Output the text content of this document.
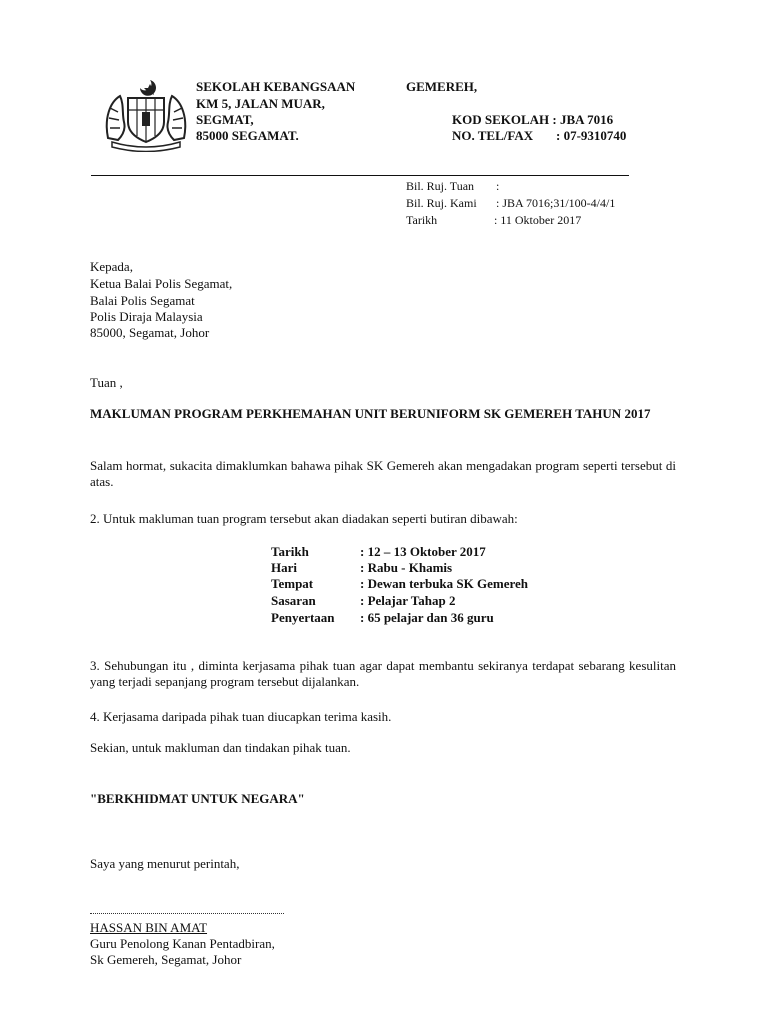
SEKOLAH KEBANGSAAN	GEMEREH,
KM 5, JALAN MUAR,
SEGMAT,
85000 SEGAMAT.
KOD SEKOLAH : JBA 7016
NO. TEL/FAX : 07-9310740
Bil. Ruj. Tuan :
Bil. Ruj. Kami : JBA 7016;31/100-4/4/1
Tarikh	: 11 Oktober 2017
Kepada,
Ketua Balai Polis Segamat,
Balai Polis Segamat
Polis Diraja Malaysia
85000, Segamat, Johor
Tuan ,
MAKLUMAN PROGRAM PERKHEMAHAN UNIT BERUNIFORM SK GEMEREH TAHUN 2017
Salam hormat, sukacita dimaklumkan bahawa pihak SK Gemereh akan mengadakan program seperti tersebut di atas.
2. Untuk makluman tuan program tersebut akan diadakan seperti butiran dibawah:
Tarikh	: 12 – 13 Oktober 2017
Hari	: Rabu - Khamis
Tempat	: Dewan terbuka SK Gemereh
Sasaran	: Pelajar Tahap 2
Penyertaan : 65 pelajar dan 36 guru
3. Sehubungan itu , diminta kerjasama pihak tuan agar dapat membantu sekiranya terdapat sebarang kesulitan yang terjadi sepanjang program tersebut dijalankan.
4. Kerjasama daripada pihak tuan diucapkan terima kasih.
Sekian, untuk makluman dan tindakan pihak tuan.
"BERKHIDMAT UNTUK NEGARA"
Saya yang menurut perintah,
HASSAN BIN AMAT
Guru Penolong Kanan Pentadbiran,
Sk Gemereh, Segamat, Johor
